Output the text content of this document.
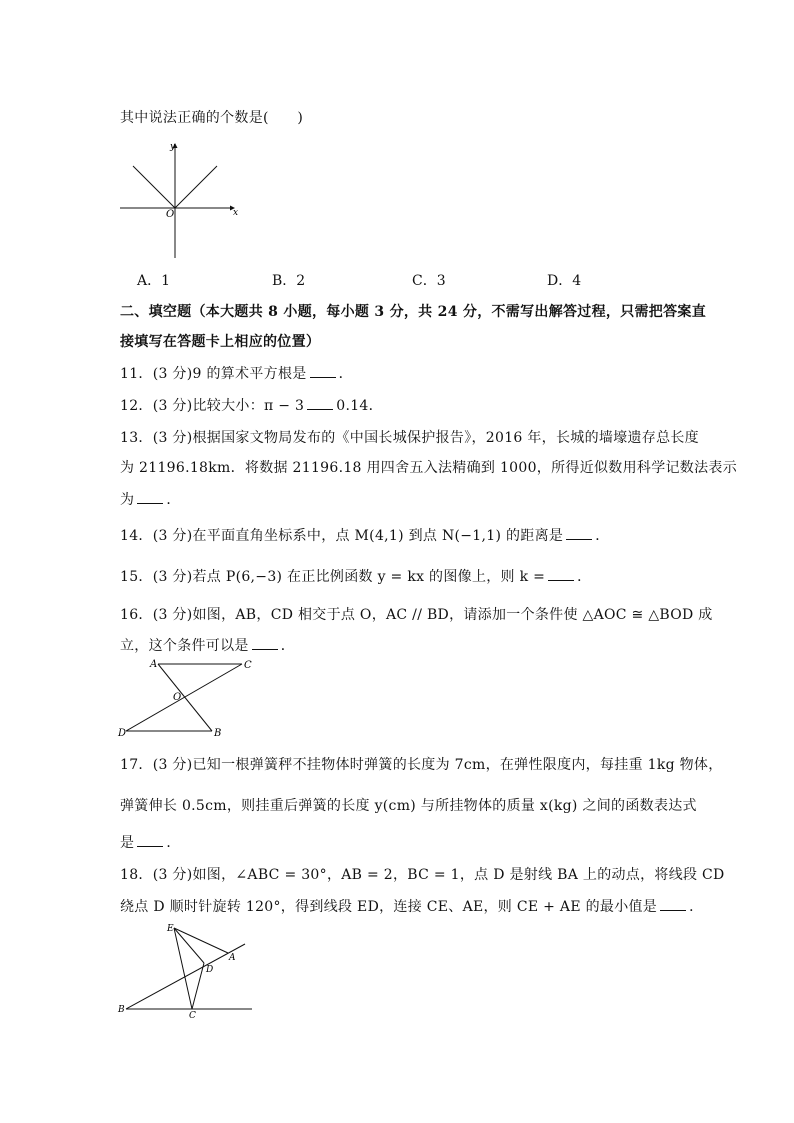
其中说法正确的个数是(　　)
x
y
O
A．1	B．2	C．3	D．4
二、填空题（本大题共 8 小题，每小题 3 分，共 24 分，不需写出解答过程，只需把答案直
接填写在答题卡上相应的位置）
11．(3 分)9 的算术平方根是 ．
12．(3 分)比较大小：π − 3 0.14．
13．(3 分)根据国家文物局发布的《中国长城保护报告》，2016 年，长城的墙壕遗存总长度
为 21196.18km．将数据 21196.18 用四舍五入法精确到 1000，所得近似数用科学记数法表示
为 ．
14．(3 分)在平面直角坐标系中，点 M(4,1) 到点 N(−1,1) 的距离是 ．
15．(3 分)若点 P(6,−3) 在正比例函数 y = kx 的图像上，则 k = ．
16．(3 分)如图，AB，CD 相交于点 O，AC // BD，请添加一个条件使 △AOC ≅ △BOD 成
立，这个条件可以是 ．
A	C
O
D	B
17．(3 分)已知一根弹簧秤不挂物体时弹簧的长度为 7cm，在弹性限度内，每挂重 1kg 物体，
弹簧伸长 0.5cm，则挂重后弹簧的长度 y(cm) 与所挂物体的质量 x(kg) 之间的函数表达式
是 ．
18．(3 分)如图，∠ABC = 30°，AB = 2，BC = 1，点 D 是射线 BA 上的动点，将线段 CD
绕点 D 顺时针旋转 120°，得到线段 ED，连接 CE、AE，则 CE + AE 的最小值是 ．
E
A
D
B
C
